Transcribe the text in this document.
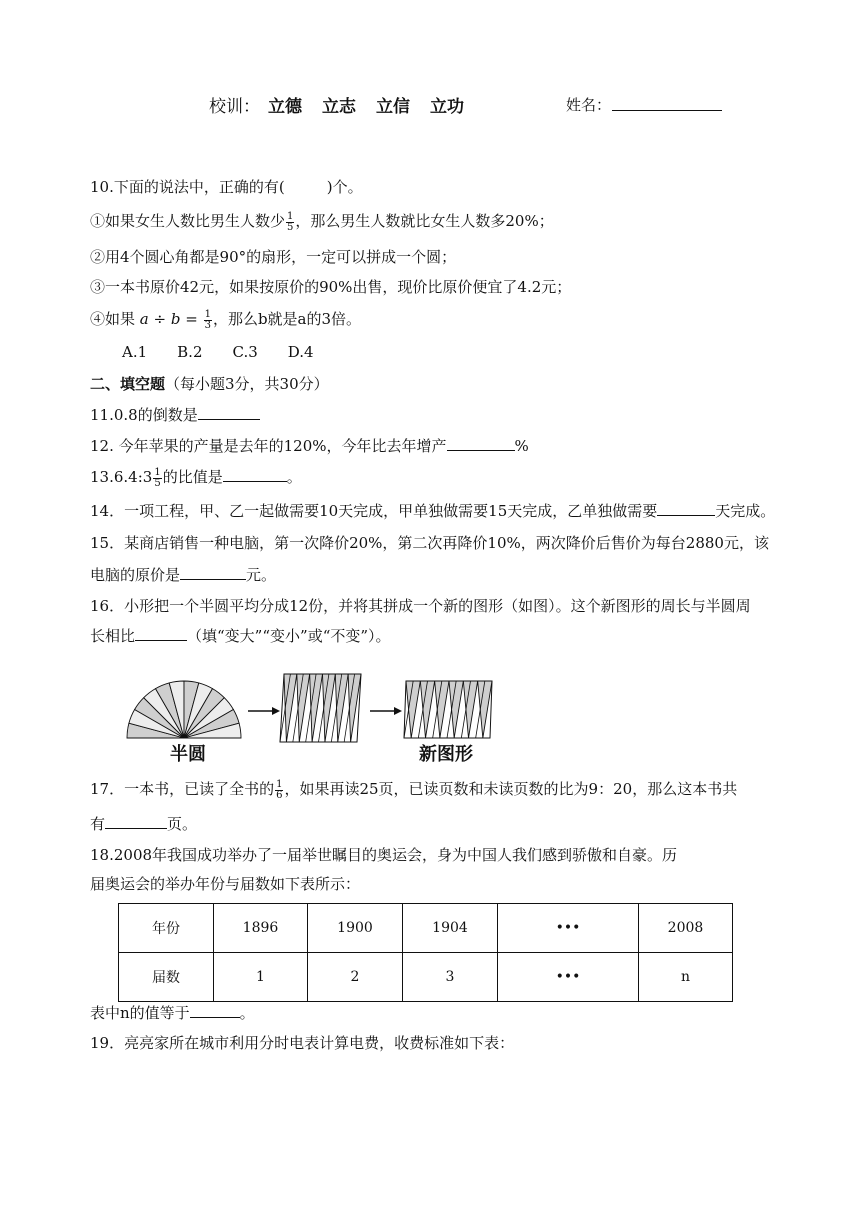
校训： 立德 立志 立信 立功	姓名：
10.下面的说法中，正确的有(	)个。
①如果女生人数比男生人数少 $\frac{1}{5}$ ，那么男生人数就比女生人数多20%；
②用4个圆心角都是90°的扇形，一定可以拼成一个圆；
③一本书原价42元，如果按原价的90%出售，现价比原价便宜了4.2元；
④如果 $a \div b = \frac{1}{3}$ ，那么b就是a的3倍。
A.1 B.2 C.3 D.4
二、填空题（每小题3分，共30分）
11.0.8的倒数是
12. 今年苹果的产量是去年的120%，今年比去年增产	%
13.6.4:3 $\frac{1}{5}$ 的比值是	。
14．一项工程，甲、乙一起做需要10天完成，甲单独做需要15天完成，乙单独做需要	天完成。
15．某商店销售一种电脑，第一次降价20%，第二次再降价10%，两次降价后售价为每台2880元，该
电脑的原价是	元。
16．小形把一个半圆平均分成12份，并将其拼成一个新的图形（如图）。这个新图形的周长与半圆周
长相比	（填“变大”“变小”或“不变”）。
半圆	新图形
17．一本书，已读了全书的 $\frac{1}{6}$ ，如果再读25页，已读页数和未读页数的比为9：20，那么这本书共
有	页。
18.2008年我国成功举办了一届举世瞩目的奥运会，身为中国人我们感到骄傲和自豪。历
届奥运会的举办年份与届数如下表所示：
年份	1896	1900	1904	•••	2008
届数	1	2	3	•••	n
表中n的值等于	。
19．亮亮家所在城市利用分时电表计算电费，收费标准如下表：
